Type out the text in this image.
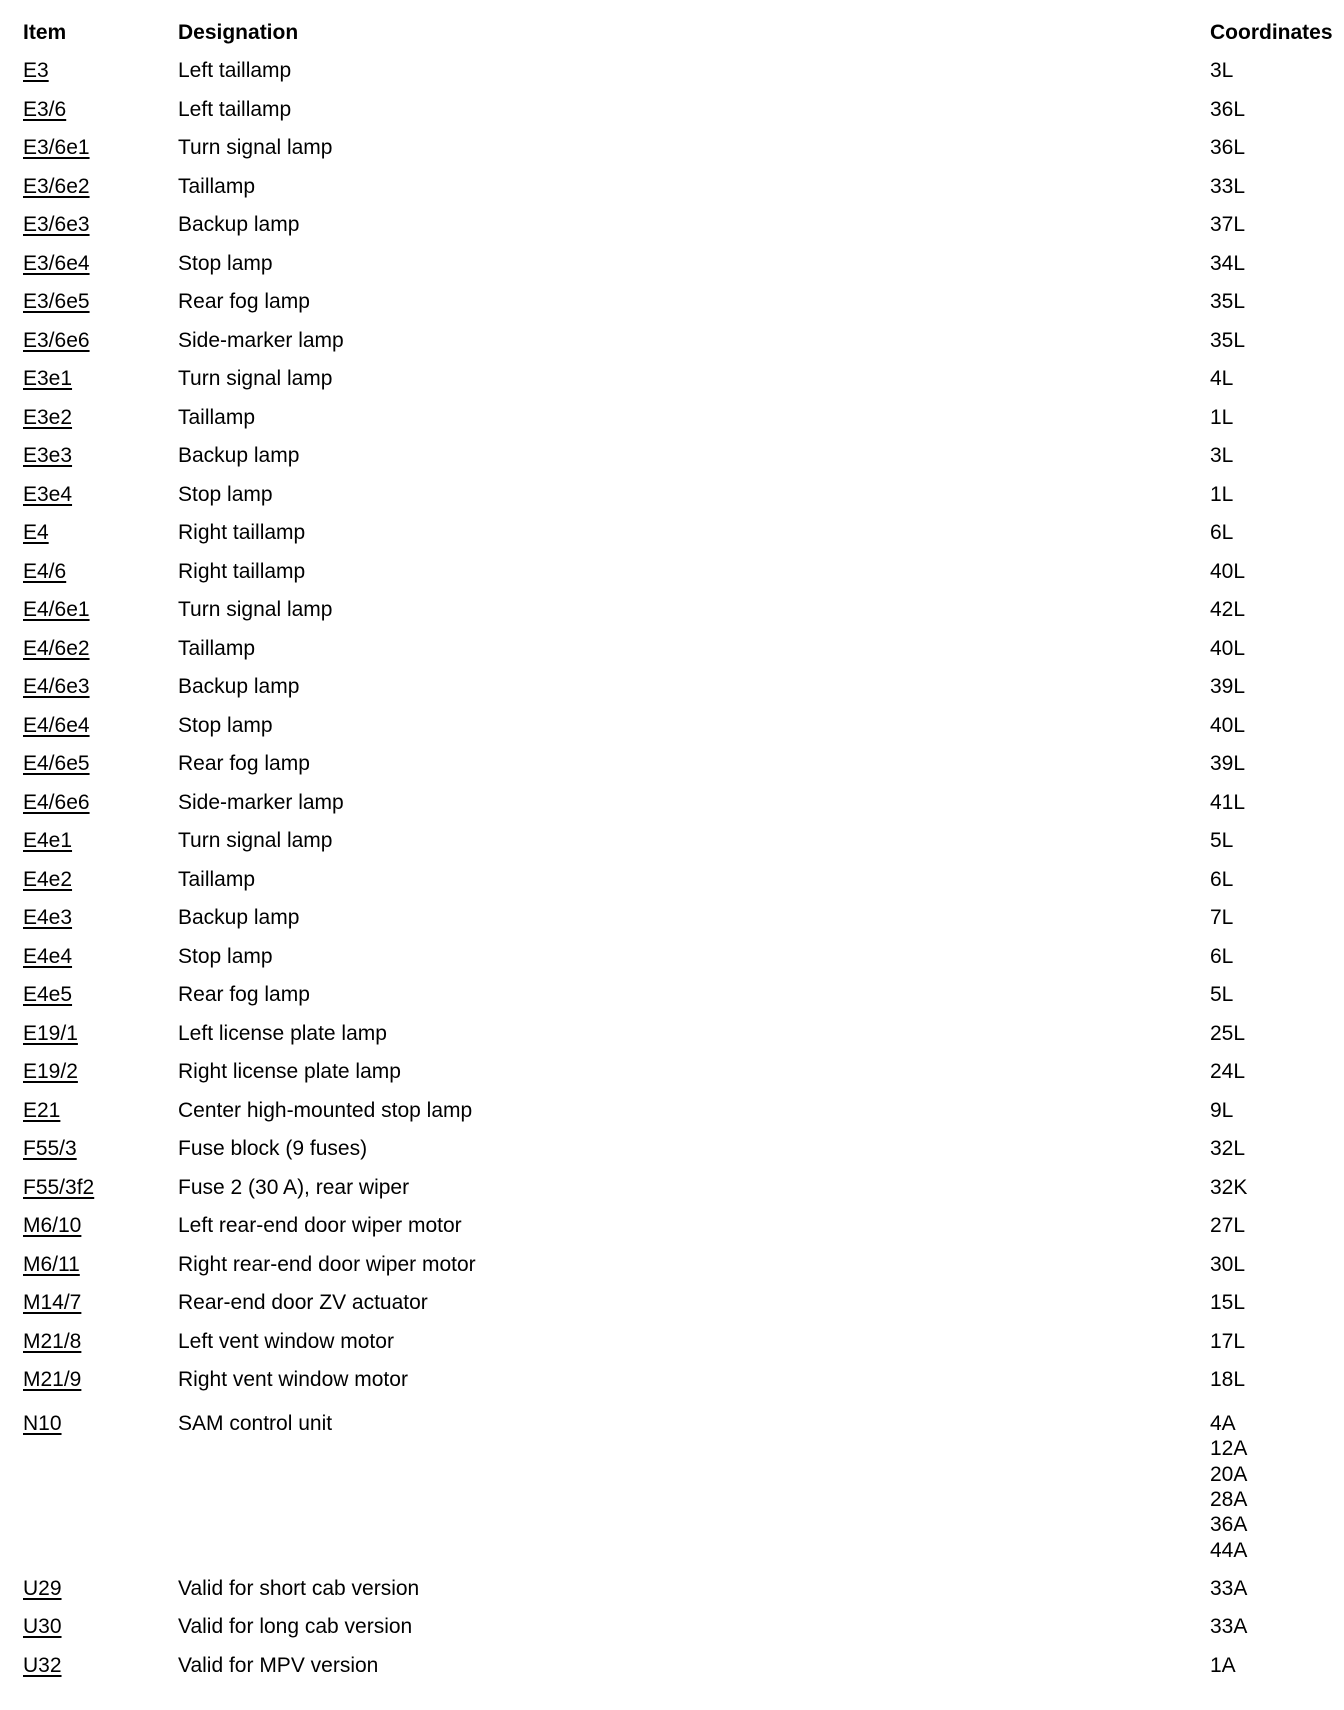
Item	Designation	Coordinates
E3	Left taillamp	3L
E3/6	Left taillamp	36L
E3/6e1	Turn signal lamp	36L
E3/6e2	Taillamp	33L
E3/6e3	Backup lamp	37L
E3/6e4	Stop lamp	34L
E3/6e5	Rear fog lamp	35L
E3/6e6	Side-marker lamp	35L
E3e1	Turn signal lamp	4L
E3e2	Taillamp	1L
E3e3	Backup lamp	3L
E3e4	Stop lamp	1L
E4	Right taillamp	6L
E4/6	Right taillamp	40L
E4/6e1	Turn signal lamp	42L
E4/6e2	Taillamp	40L
E4/6e3	Backup lamp	39L
E4/6e4	Stop lamp	40L
E4/6e5	Rear fog lamp	39L
E4/6e6	Side-marker lamp	41L
E4e1	Turn signal lamp	5L
E4e2	Taillamp	6L
E4e3	Backup lamp	7L
E4e4	Stop lamp	6L
E4e5	Rear fog lamp	5L
E19/1	Left license plate lamp	25L
E19/2	Right license plate lamp	24L
E21	Center high-mounted stop lamp	9L
F55/3	Fuse block (9 fuses)	32L
F55/3f2	Fuse 2 (30 A), rear wiper	32K
M6/10	Left rear-end door wiper motor	27L
M6/11	Right rear-end door wiper motor	30L
M14/7	Rear-end door ZV actuator	15L
M21/8	Left vent window motor	17L
M21/9	Right vent window motor	18L
N10	SAM control unit	4A
12A
20A
28A
36A
44A
U29	Valid for short cab version	33A
U30	Valid for long cab version	33A
U32	Valid for MPV version	1A
